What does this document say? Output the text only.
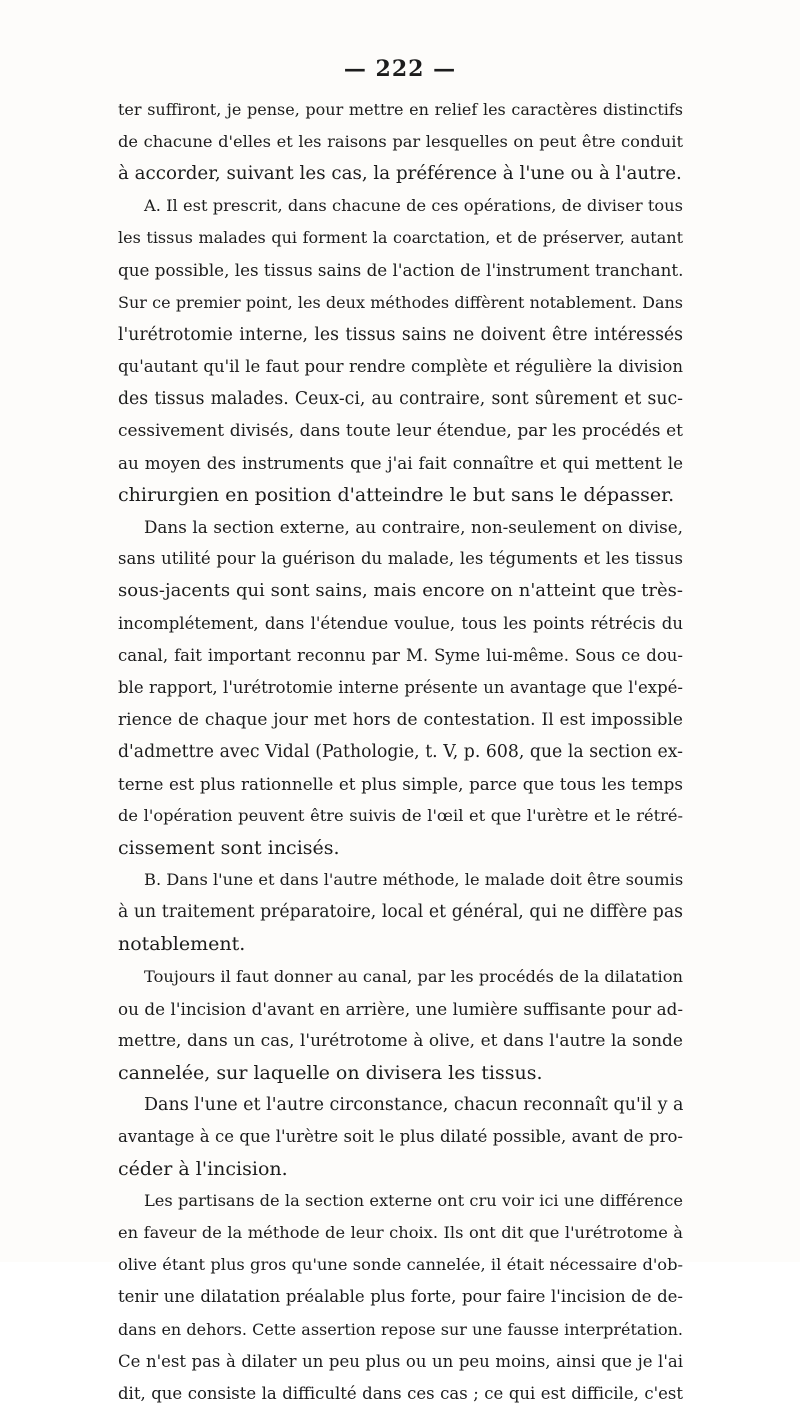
— 222 —
ter suffiront, je pense, pour mettre en relief les caractères distinctifs
de chacune d'elles et les raisons par lesquelles on peut être conduit
à accorder, suivant les cas, la préférence à l'une ou à l'autre.
A. Il est prescrit, dans chacune de ces opérations, de diviser tous
les tissus malades qui forment la coarctation, et de préserver, autant
que possible, les tissus sains de l'action de l'instrument tranchant.
Sur ce premier point, les deux méthodes diffèrent notablement. Dans
l'urétrotomie interne, les tissus sains ne doivent être intéressés
qu'autant qu'il le faut pour rendre complète et régulière la division
des tissus malades. Ceux-ci, au contraire, sont sûrement et suc-
cessivement divisés, dans toute leur étendue, par les procédés et
au moyen des instruments que j'ai fait connaître et qui mettent le
chirurgien en position d'atteindre le but sans le dépasser.
Dans la section externe, au contraire, non-seulement on divise,
sans utilité pour la guérison du malade, les téguments et les tissus
sous-jacents qui sont sains, mais encore on n'atteint que très-
incomplétement, dans l'étendue voulue, tous les points rétrécis du
canal, fait important reconnu par M. Syme lui-même. Sous ce dou-
ble rapport, l'urétrotomie interne présente un avantage que l'expé-
rience de chaque jour met hors de contestation. Il est impossible
d'admettre avec Vidal (Pathologie, t. V, p. 608, que la section ex-
terne est plus rationnelle et plus simple, parce que tous les temps
de l'opération peuvent être suivis de l'œil et que l'urètre et le rétré-
cissement sont incisés.
B. Dans l'une et dans l'autre méthode, le malade doit être soumis
à un traitement préparatoire, local et général, qui ne diffère pas
notablement.
Toujours il faut donner au canal, par les procédés de la dilatation
ou de l'incision d'avant en arrière, une lumière suffisante pour ad-
mettre, dans un cas, l'urétrotome à olive, et dans l'autre la sonde
cannelée, sur laquelle on divisera les tissus.
Dans l'une et l'autre circonstance, chacun reconnaît qu'il y a
avantage à ce que l'urètre soit le plus dilaté possible, avant de pro-
céder à l'incision.
Les partisans de la section externe ont cru voir ici une différence
en faveur de la méthode de leur choix. Ils ont dit que l'urétrotome à
olive étant plus gros qu'une sonde cannelée, il était nécessaire d'ob-
tenir une dilatation préalable plus forte, pour faire l'incision de de-
dans en dehors. Cette assertion repose sur une fausse interprétation.
Ce n'est pas à dilater un peu plus ou un peu moins, ainsi que je l'ai
dit, que consiste la difficulté dans ces cas ; ce qui est difficile, c'est
